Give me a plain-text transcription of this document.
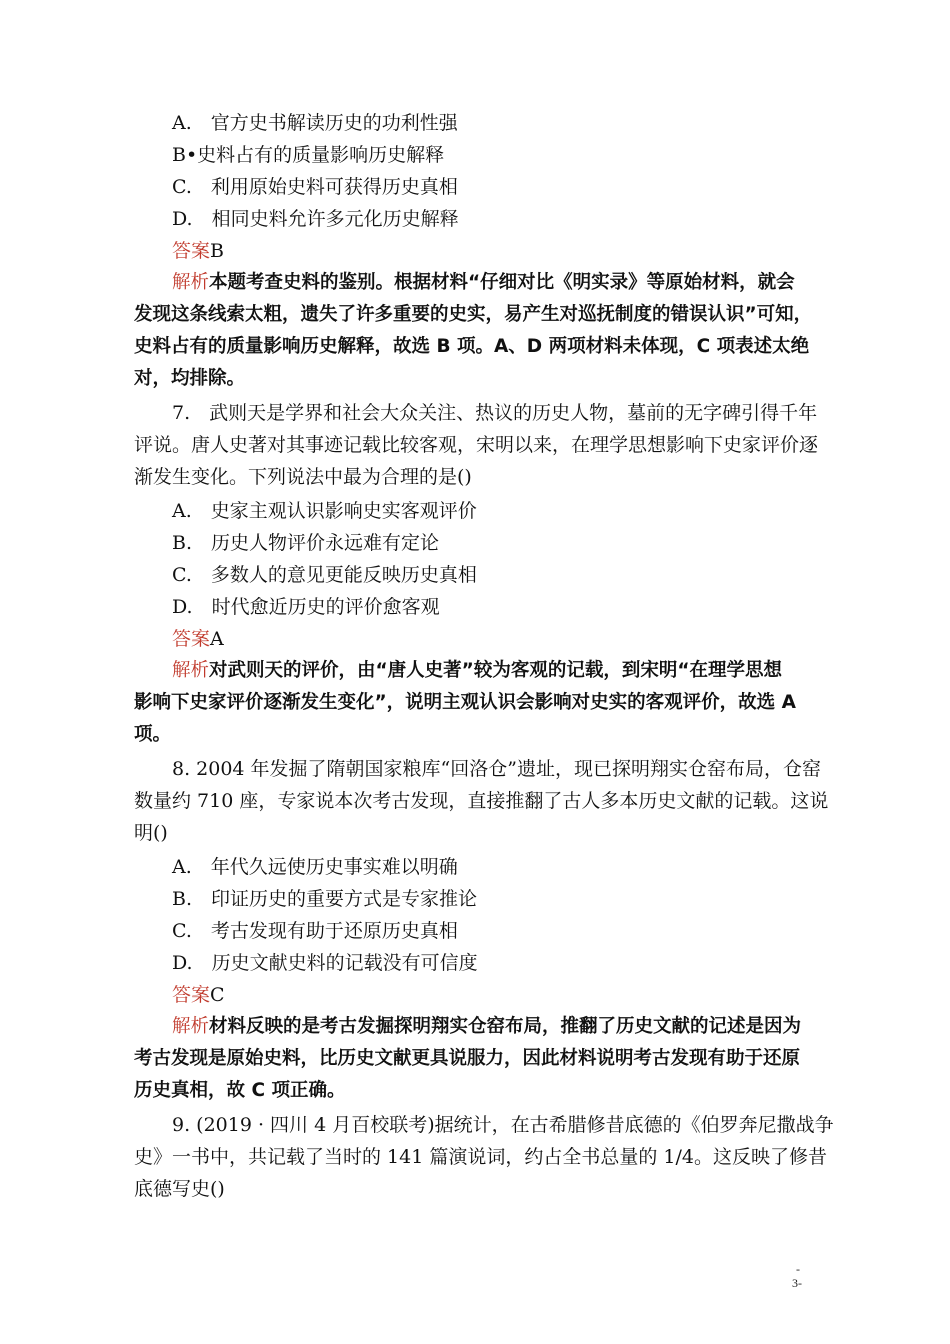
A.　官方史书解读历史的功利性强
B•史料占有的质量影响历史解释
C.　利用原始史料可获得历史真相
D.　相同史料允许多元化历史解释
答案B
解析本题考查史料的鉴别。根据材料“仔细对比《明实录》等原始材料，就会
发现这条线索太粗，遗失了许多重要的史实，易产生对巡抚制度的错误认识”可知，
史料占有的质量影响历史解释，故选 B 项。A、D 两项材料未体现，C 项表述太绝
对，均排除。
7.　武则天是学界和社会大众关注、热议的历史人物，墓前的无字碑引得千年
评说。唐人史著对其事迹记载比较客观，宋明以来，在理学思想影响下史家评价逐
渐发生变化。下列说法中最为合理的是()
A.　史家主观认识影响史实客观评价
B.　历史人物评价永远难有定论
C.　多数人的意见更能反映历史真相
D.　时代愈近历史的评价愈客观
答案A
解析对武则天的评价，由“唐人史著”较为客观的记载，到宋明“在理学思想
影响下史家评价逐渐发生变化”，说明主观认识会影响对史实的客观评价，故选 A
项。
8. 2004 年发掘了隋朝国家粮库“回洛仓”遗址，现已探明翔实仓窑布局，仓窑
数量约 710 座，专家说本次考古发现，直接推翻了古人多本历史文献的记载。这说
明()
A.　年代久远使历史事实难以明确
B.　印证历史的重要方式是专家推论
C.　考古发现有助于还原历史真相
D.　历史文献史料的记载没有可信度
答案C
解析材料反映的是考古发掘探明翔实仓窑布局，推翻了历史文献的记述是因为
考古发现是原始史料，比历史文献更具说服力，因此材料说明考古发现有助于还原
历史真相，故 C 项正确。
9. (2019 · 四川 4 月百校联考)据统计，在古希腊修昔底德的《伯罗奔尼撒战争
史》一书中，共记载了当时的 141 篇演说词，约占全书总量的 1/4。这反映了修昔
底德写史()
-
3-
